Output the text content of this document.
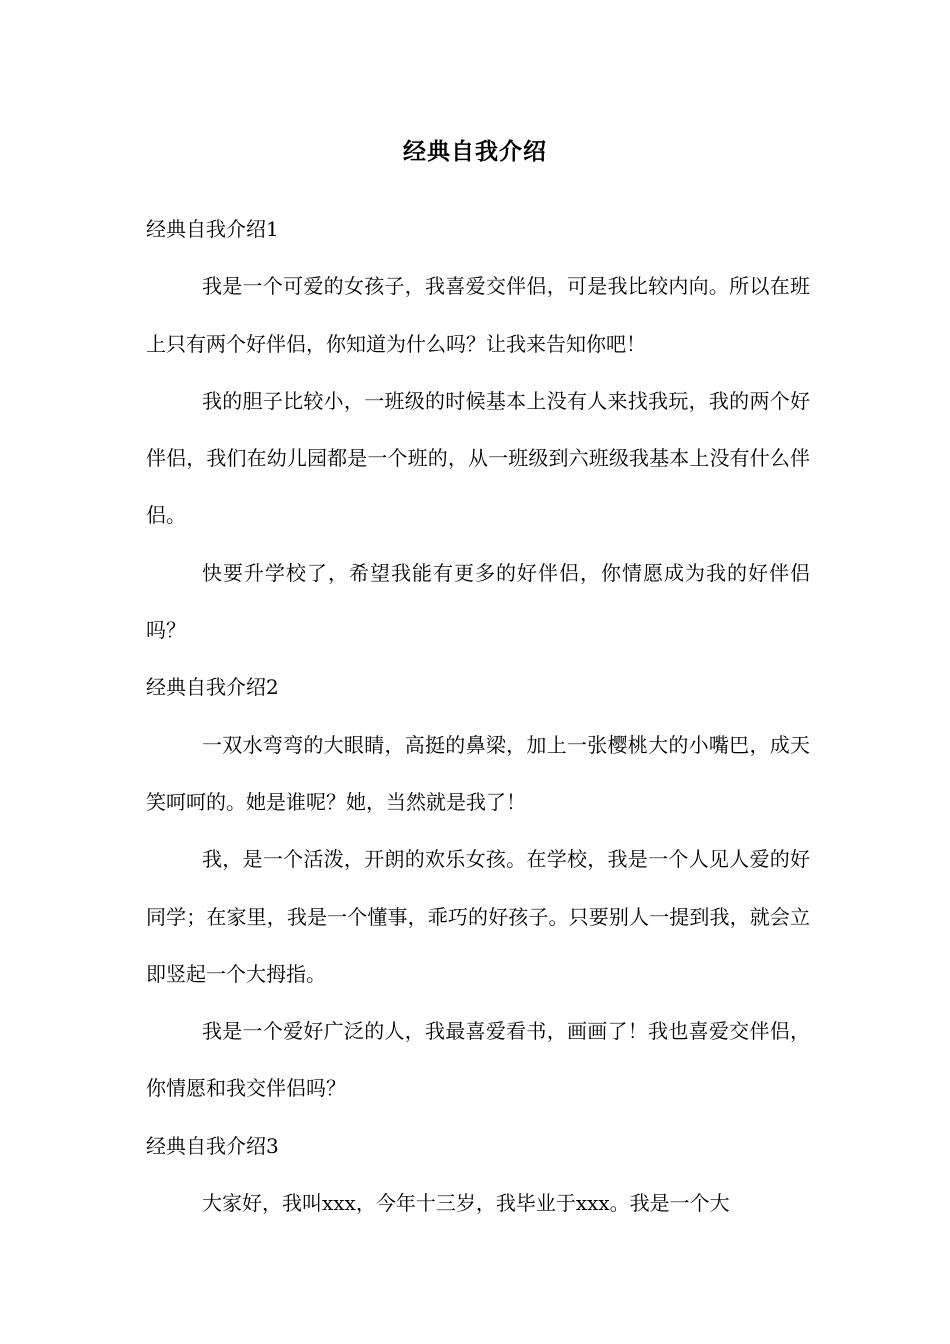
经典自我介绍

经典自我介绍1

我是一个可爱的女孩子，我喜爱交伴侣，可是我比较内向。所以在班上只有两个好伴侣，你知道为什么吗？让我来告知你吧！

我的胆子比较小，一班级的时候基本上没有人来找我玩，我的两个好伴侣，我们在幼儿园都是一个班的，从一班级到六班级我基本上没有什么伴侣。

快要升学校了，希望我能有更多的好伴侣，你情愿成为我的好伴侣吗？

经典自我介绍2

一双水弯弯的大眼睛，高挺的鼻梁，加上一张樱桃大的小嘴巴，成天笑呵呵的。她是谁呢？她，当然就是我了！

我，是一个活泼，开朗的欢乐女孩。在学校，我是一个人见人爱的好同学；在家里，我是一个懂事，乖巧的好孩子。只要别人一提到我，就会立即竖起一个大拇指。

我是一个爱好广泛的人，我最喜爱看书，画画了！我也喜爱交伴侣，你情愿和我交伴侣吗？

经典自我介绍3

大家好，我叫xxx，今年十三岁，我毕业于xxx。我是一个大
